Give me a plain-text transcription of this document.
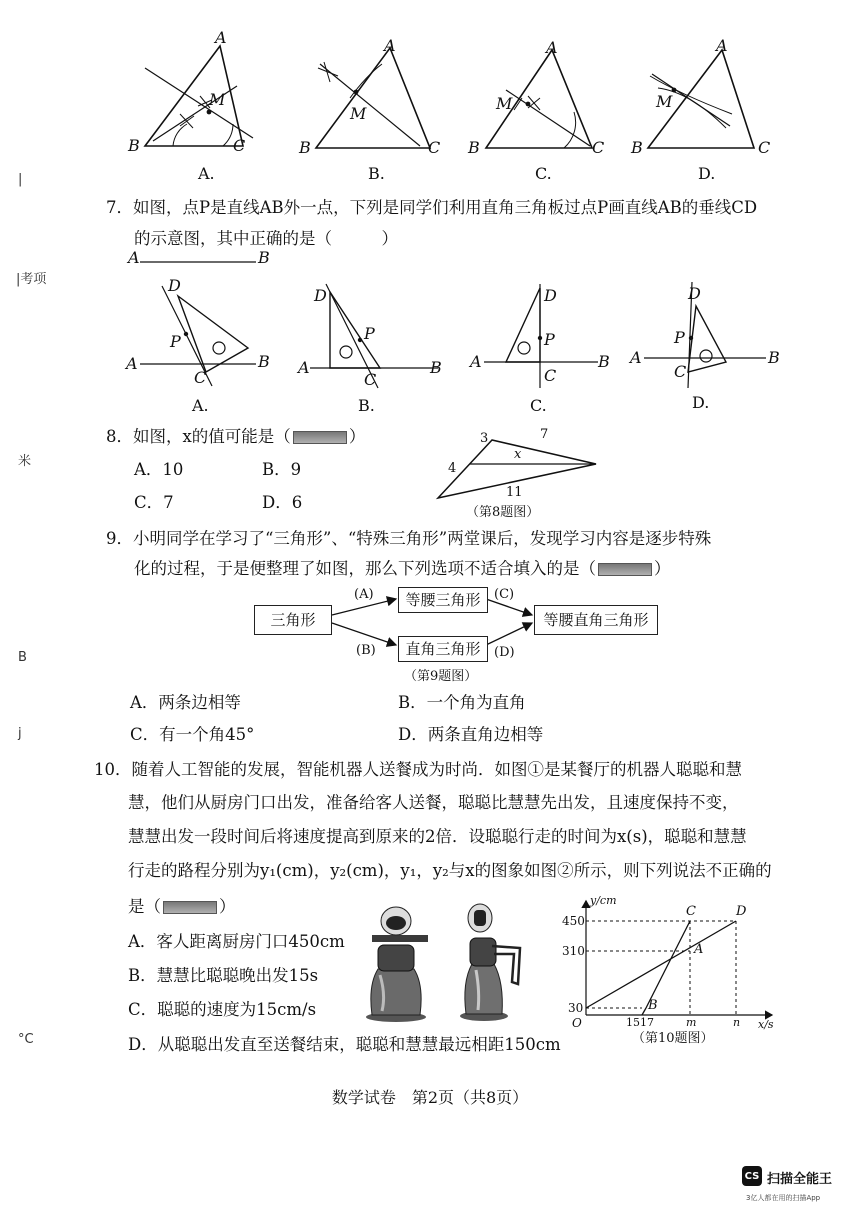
A
B	C
M
A.
A
B	C
M
B.
A
B	C
M
C.
A
B	C
M
D.
|
|考项
米
B
j
°C
7．如图，点P是直线AB外一点，下列是同学们利用直角三角板过点P画直线AB的垂线CD
的示意图，其中正确的是（　　　）
A	B
D
P
A	B
C
A.
D
P
A	B
C
B.
D
P
A	B
C
C.
D
P
A	B
C
D.
8．如图，x的值可能是（	）
A．10	B．9
C．7	D．6
3	7
4
x
11
（第8题图）
9．小明同学在学习了“三角形”、“特殊三角形”两堂课后，发现学习内容是逐步特殊
化的过程，于是便整理了如图，那么下列选项不适合填入的是（	）
三角形
等腰三角形
直角三角形
等腰直角三角形
(A)
(B)
(C)
(D)
（第9题图）
A．两条边相等	B．一个角为直角
C．有一个角45°	D．两条直角边相等
10．随着人工智能的发展，智能机器人送餐成为时尚．如图①是某餐厅的机器人聪聪和慧
慧，他们从厨房门口出发，准备给客人送餐，聪聪比慧慧先出发，且速度保持不变，
慧慧出发一段时间后将速度提高到原来的2倍．设聪聪行走的时间为x(s)，聪聪和慧慧
行走的路程分别为y₁(cm)，y₂(cm)，y₁，y₂与x的图象如图②所示，则下列说法不正确的
是（	）
A．客人距离厨房门口450cm
B．慧慧比聪聪晚出发15s
C．聪聪的速度为15cm/s
D．从聪聪出发直至送餐结束，聪聪和慧慧最远相距150cm
y/cm
450
310
30
O	15 17	m	n x/s
A
B
C	D
（第10题图）
数学试卷　第2页（共8页）
CS 扫描全能王
3亿人都在用的扫描App
